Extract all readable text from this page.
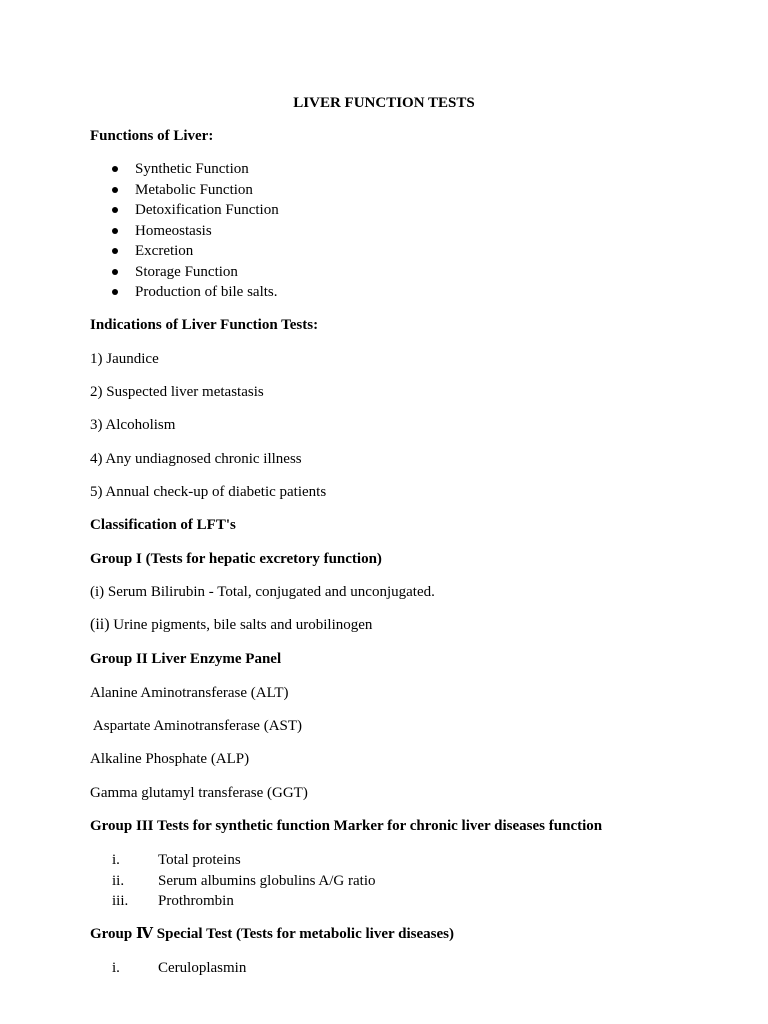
LIVER FUNCTION TESTS
Functions of Liver:
Synthetic Function
Metabolic Function
Detoxification Function
Homeostasis
Excretion
Storage Function
Production of bile salts.
Indications of Liver Function Tests:
1) Jaundice
2) Suspected liver metastasis
3) Alcoholism
4) Any undiagnosed chronic illness
5) Annual check-up of diabetic patients
Classification of LFT's
Group I (Tests for hepatic excretory function)
(i) Serum Bilirubin - Total, conjugated and unconjugated.
(ii) Urine pigments, bile salts and urobilinogen
Group II Liver Enzyme Panel
Alanine Aminotransferase (ALT)
Aspartate Aminotransferase (AST)
Alkaline Phosphate (ALP)
Gamma glutamyl transferase (GGT)
Group III Tests for synthetic function Marker for chronic liver diseases function
i.	Total proteins
ii. Serum albumins globulins A/G ratio
iii. Prothrombin
Group Ⅳ Special Test (Tests for metabolic liver diseases)
i.	Ceruloplasmin
